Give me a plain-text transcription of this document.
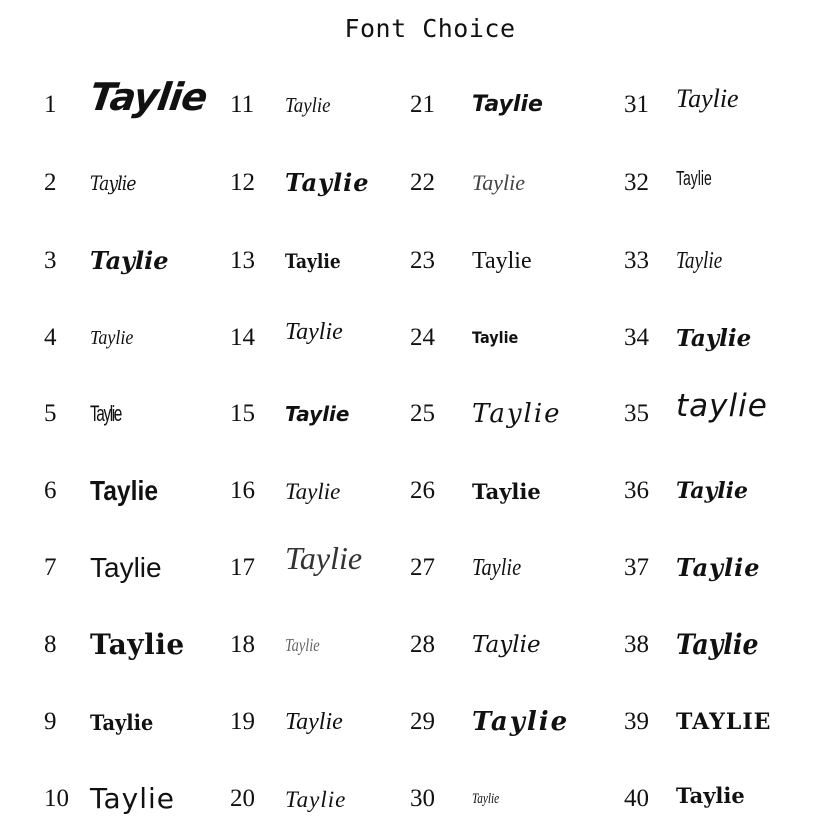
Font Choice
1 Taylie
2	Taylie
3	Taylie
4	Taylie
5	Taylie
6	Taylie
7	Taylie
8	Taylie
9	Taylie
10 Taylie
11	Taylie
12	Taylie
13	Taylie
14	Taylie
15	Taylie
16	Taylie
17 Taylie
18	Taylie
19	Taylie
20	Taylie
21	Taylie
22	Taylie
23	Taylie
24	Taylie
25	Taylie
26	Taylie
27	Taylie
28	Taylie
29	Taylie
30	Taylie
31	Taylie
32	Taylie
33	Taylie
34	Taylie
35 taylie
36	Taylie
37	Taylie
38 Taylie
39	TAYLIE
40	Taylie
